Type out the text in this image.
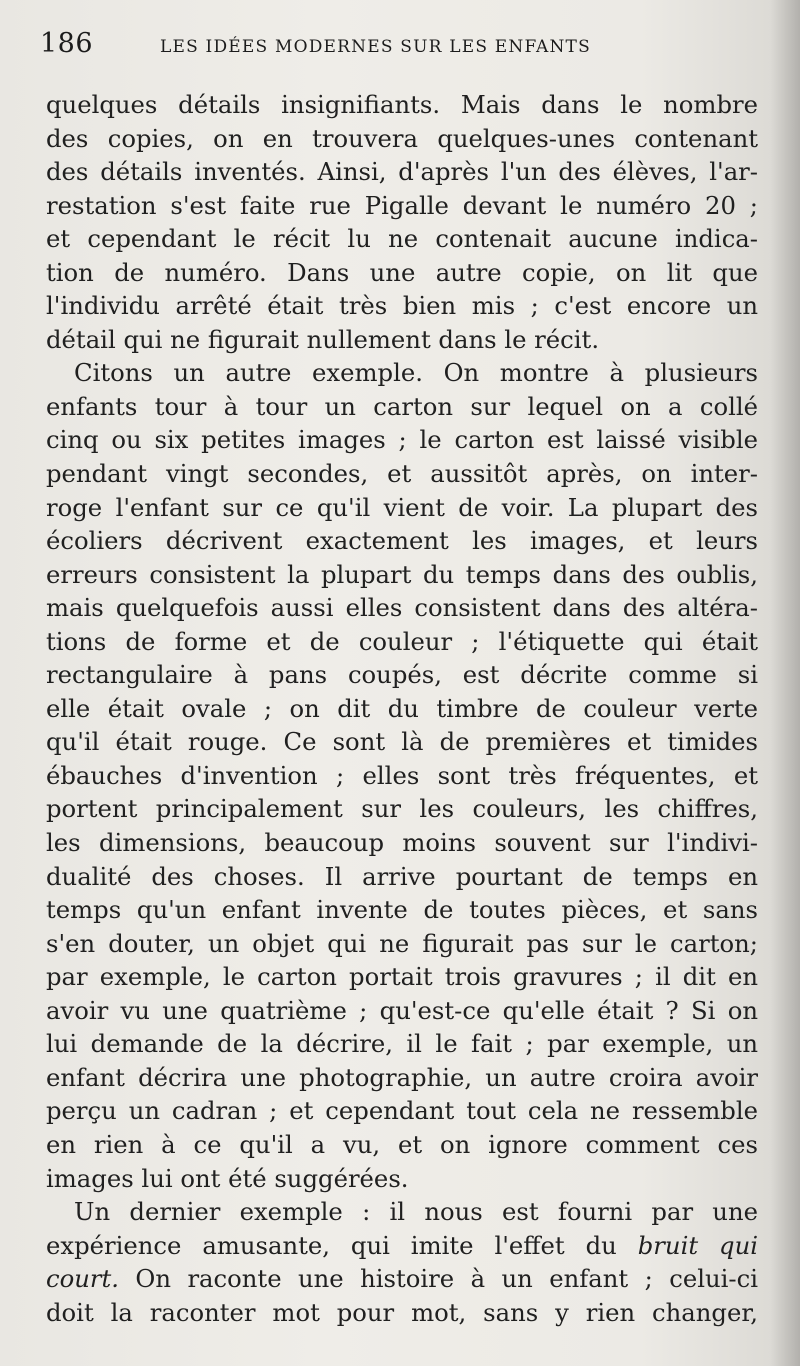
186	LES IDÉES MODERNES SUR LES ENFANTS
quelques détails insignifiants. Mais dans le nombre
des copies, on en trouvera quelques-unes contenant
des détails inventés. Ainsi, d'après l'un des élèves, l'ar-
restation s'est faite rue Pigalle devant le numéro 20 ;
et cependant le récit lu ne contenait aucune indica-
tion de numéro. Dans une autre copie, on lit que
l'individu arrêté était très bien mis ; c'est encore un
détail qui ne figurait nullement dans le récit.
Citons un autre exemple. On montre à plusieurs
enfants tour à tour un carton sur lequel on a collé
cinq ou six petites images ; le carton est laissé visible
pendant vingt secondes, et aussitôt après, on inter-
roge l'enfant sur ce qu'il vient de voir. La plupart des
écoliers décrivent exactement les images, et leurs
erreurs consistent la plupart du temps dans des oublis,
mais quelquefois aussi elles consistent dans des altéra-
tions de forme et de couleur ; l'étiquette qui était
rectangulaire à pans coupés, est décrite comme si
elle était ovale ; on dit du timbre de couleur verte
qu'il était rouge. Ce sont là de premières et timides
ébauches d'invention ; elles sont très fréquentes, et
portent principalement sur les couleurs, les chiffres,
les dimensions, beaucoup moins souvent sur l'indivi-
dualité des choses. Il arrive pourtant de temps en
temps qu'un enfant invente de toutes pièces, et sans
s'en douter, un objet qui ne figurait pas sur le carton;
par exemple, le carton portait trois gravures ; il dit en
avoir vu une quatrième ; qu'est-ce qu'elle était ? Si on
lui demande de la décrire, il le fait ; par exemple, un
enfant décrira une photographie, un autre croira avoir
perçu un cadran ; et cependant tout cela ne ressemble
en rien à ce qu'il a vu, et on ignore comment ces
images lui ont été suggérées.
Un dernier exemple : il nous est fourni par une
expérience amusante, qui imite l'effet du bruit qui
court. On raconte une histoire à un enfant ; celui-ci
doit la raconter mot pour mot, sans y rien changer,
